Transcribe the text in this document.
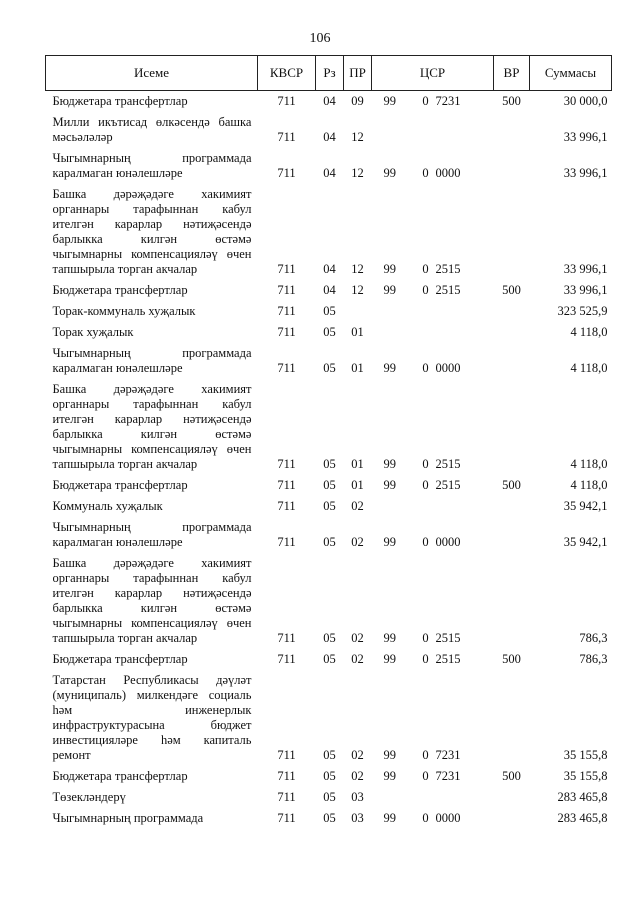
106
Исеме	КВСР	Рз	ПР	ЦСР			ВР	Суммасы
Бюджетара трансфертлар	711	04	09	99	0	7231	500	30 000,0
Милли икътисад өлкәсендә башка мәсьәләләр	711	04	12					33 996,1
Чыгымнарның программада каралмаган юнәлешләре	711	04	12	99	0	0000		33 996,1
Башка дәрәҗәдәге хакимият органнары тарафыннан кабул ителгән карарлар нәтиҗәсендә барлыкка килгән өстәмә чыгымнарны компенсацияләү өчен тапшырыла торган акчалар	711	04	12	99	0	2515		33 996,1
Бюджетара трансфертлар	711	04	12	99	0	2515	500	33 996,1
Торак-коммуналь хуҗалык	711	05						323 525,9
Торак хуҗалык	711	05	01					4 118,0
Чыгымнарның программада каралмаган юнәлешләре	711	05	01	99	0	0000		4 118,0
Башка дәрәҗәдәге хакимият органнары тарафыннан кабул ителгән карарлар нәтиҗәсендә барлыкка килгән өстәмә чыгымнарны компенсацияләү өчен тапшырыла торган акчалар	711	05	01	99	0	2515		4 118,0
Бюджетара трансфертлар	711	05	01	99	0	2515	500	4 118,0
Коммуналь хуҗалык	711	05	02					35 942,1
Чыгымнарның программада каралмаган юнәлешләре	711	05	02	99	0	0000		35 942,1
Башка дәрәҗәдәге хакимият органнары тарафыннан кабул ителгән карарлар нәтиҗәсендә барлыкка килгән өстәмә чыгымнарны компенсацияләү өчен тапшырыла торган акчалар	711	05	02	99	0	2515		786,3
Бюджетара трансфертлар	711	05	02	99	0	2515	500	786,3
Татарстан Республикасы дәүләт (муниципаль) милкендәге социаль һәм инженерлык инфраструктурасына бюджет инвестицияләре һәм капиталь ремонт	711	05	02	99	0	7231		35 155,8
Бюджетара трансфертлар	711	05	02	99	0	7231	500	35 155,8
Төзекләндерү	711	05	03					283 465,8
Чыгымнарның программада	711	05	03	99	0	0000		283 465,8
